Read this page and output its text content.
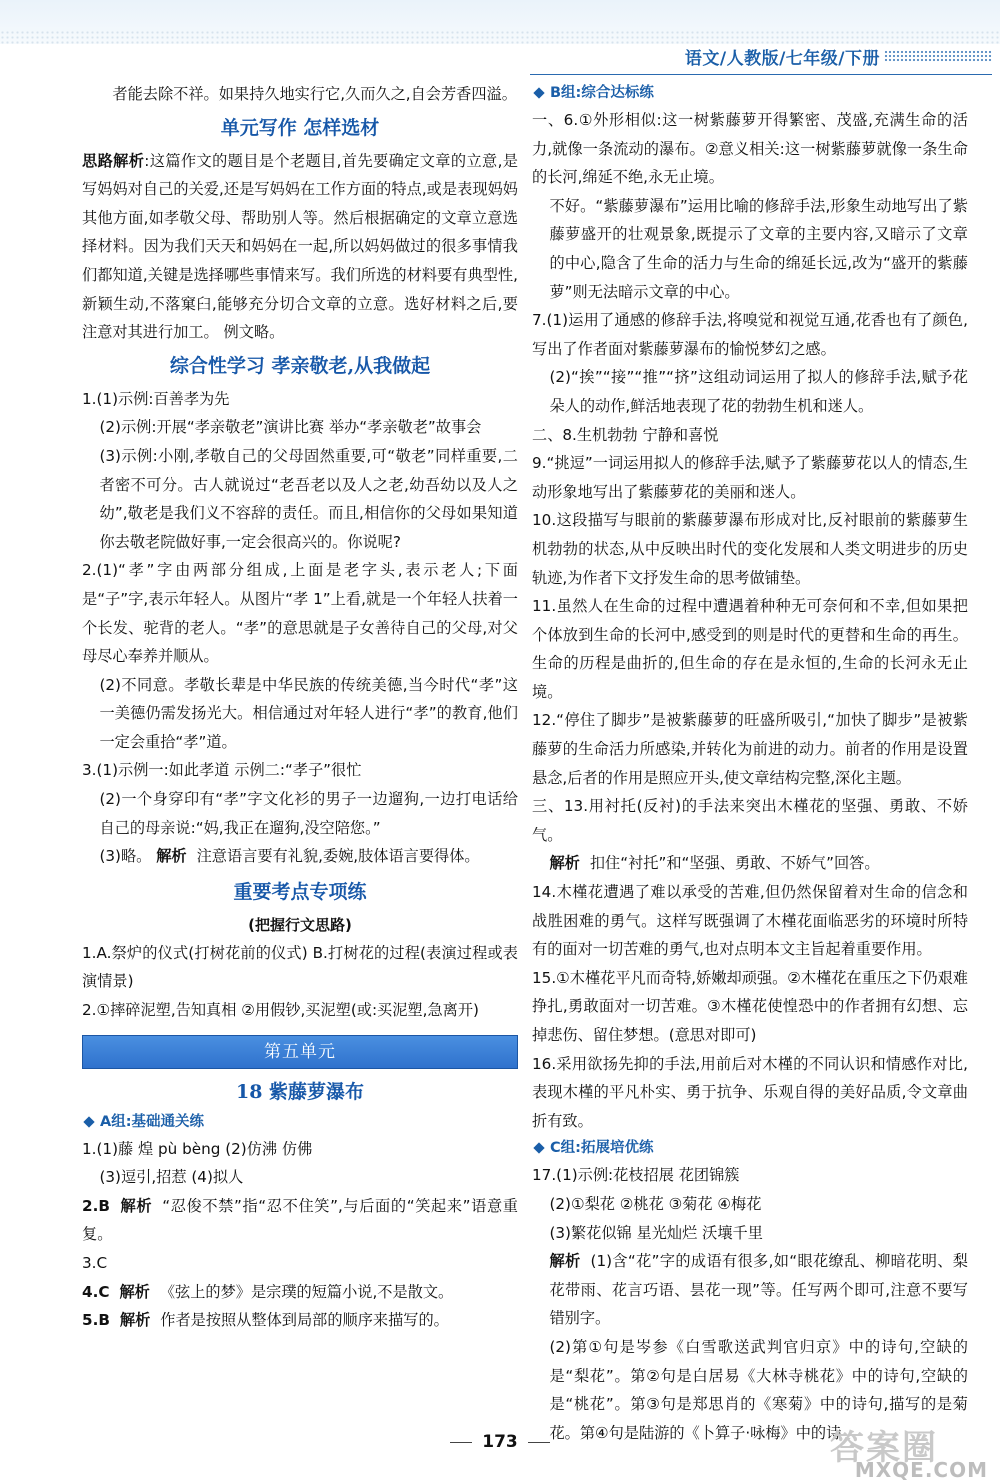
语文/人教版/七年级/下册

者能去除不祥。如果持久地实行它,久而久之,自会芳香四溢。

单元写作 怎样选材

思路解析:这篇作文的题目是个老题目,首先要确定文章的立意,是写妈妈对自己的关爱,还是写妈妈在工作方面的特点,或是表现妈妈其他方面,如孝敬父母、帮助别人等。然后根据确定的文章立意选择材料。因为我们天天和妈妈在一起,所以妈妈做过的很多事情我们都知道,关键是选择哪些事情来写。我们所选的材料要有典型性,新颖生动,不落窠臼,能够充分切合文章的立意。选好材料之后,要注意对其进行加工。 例文略。

综合性学习 孝亲敬老,从我做起

1.(1)示例:百善孝为先

(2)示例:开展“孝亲敬老”演讲比赛 举办“孝亲敬老”故事会

(3)示例:小刚,孝敬自己的父母固然重要,可“敬老”同样重要,二者密不可分。古人就说过“老吾老以及人之老,幼吾幼以及人之幼”,敬老是我们义不容辞的责任。而且,相信你的父母如果知道你去敬老院做好事,一定会很高兴的。你说呢?

2.(1)“孝”字由两部分组成,上面是老字头,表示老人;下面是“子”字,表示年轻人。从图片“孝 1”上看,就是一个年轻人扶着一个长发、驼背的老人。“孝”的意思就是子女善待自己的父母,对父母尽心奉养并顺从。

(2)不同意。孝敬长辈是中华民族的传统美德,当今时代“孝”这一美德仍需发扬光大。相信通过对年轻人进行“孝”的教育,他们一定会重拾“孝”道。

3.(1)示例一:如此孝道 示例二:“孝子”很忙

(2)一个身穿印有“孝”字文化衫的男子一边遛狗,一边打电话给自己的母亲说:“妈,我正在遛狗,没空陪您。”

(3)略。 解析 注意语言要有礼貌,委婉,肢体语言要得体。

重要考点专项练
(把握行文思路)

1.A.祭炉的仪式(打树花前的仪式) B.打树花的过程(表演过程或表演情景)

2.①摔碎泥塑,告知真相 ②用假钞,买泥塑(或:买泥塑,急离开)

第五单元
18 紫藤萝瀑布
A组:基础通关练

1.(1)藤 煌 pù bèng (2)仿沸 仿佛

(3)逗引,招惹 (4)拟人

2.B 解析 “忍俊不禁”指“忍不住笑”,与后面的“笑起来”语意重复。

3.C

4.C 解析 《弦上的梦》是宗璞的短篇小说,不是散文。

5.B 解析 作者是按照从整体到局部的顺序来描写的。

B组:综合达标练

一、6.①外形相似:这一树紫藤萝开得繁密、茂盛,充满生命的活力,就像一条流动的瀑布。②意义相关:这一树紫藤萝就像一条生命的长河,绵延不绝,永无止境。

不好。“紫藤萝瀑布”运用比喻的修辞手法,形象生动地写出了紫藤萝盛开的壮观景象,既提示了文章的主要内容,又暗示了文章的中心,隐含了生命的活力与生命的绵延长远,改为“盛开的紫藤萝”则无法暗示文章的中心。

7.(1)运用了通感的修辞手法,将嗅觉和视觉互通,花香也有了颜色,写出了作者面对紫藤萝瀑布的愉悦梦幻之感。

(2)“挨”“接”“推”“挤”这组动词运用了拟人的修辞手法,赋予花朵人的动作,鲜活地表现了花的勃勃生机和迷人。

二、8.生机勃勃 宁静和喜悦

9.“挑逗”一词运用拟人的修辞手法,赋予了紫藤萝花以人的情态,生动形象地写出了紫藤萝花的美丽和迷人。

10.这段描写与眼前的紫藤萝瀑布形成对比,反衬眼前的紫藤萝生机勃勃的状态,从中反映出时代的变化发展和人类文明进步的历史轨迹,为作者下文抒发生命的思考做铺垫。

11.虽然人在生命的过程中遭遇着种种无可奈何和不幸,但如果把个体放到生命的长河中,感受到的则是时代的更替和生命的再生。生命的历程是曲折的,但生命的存在是永恒的,生命的长河永无止境。

12.“停住了脚步”是被紫藤萝的旺盛所吸引,“加快了脚步”是被紫藤萝的生命活力所感染,并转化为前进的动力。前者的作用是设置悬念,后者的作用是照应开头,使文章结构完整,深化主题。

三、13.用衬托(反衬)的手法来突出木槿花的坚强、勇敢、不娇气。

解析 扣住“衬托”和“坚强、勇敢、不娇气”回答。

14.木槿花遭遇了难以承受的苦难,但仍然保留着对生命的信念和战胜困难的勇气。这样写既强调了木槿花面临恶劣的环境时所特有的面对一切苦难的勇气,也对点明本文主旨起着重要作用。

15.①木槿花平凡而奇特,娇嫩却顽强。②木槿花在重压之下仍艰难挣扎,勇敢面对一切苦难。③木槿花使惶恐中的作者拥有幻想、忘掉悲伤、留住梦想。(意思对即可)

16.采用欲扬先抑的手法,用前后对木槿的不同认识和情感作对比,表现木槿的平凡朴实、勇于抗争、乐观自得的美好品质,令文章曲折有致。

C组:拓展培优练

17.(1)示例:花枝招展 花团锦簇

(2)①梨花 ②桃花 ③菊花 ④梅花

(3)繁花似锦 星光灿烂 沃壤千里

解析 (1)含“花”字的成语有很多,如“眼花缭乱、柳暗花明、梨花带雨、花言巧语、昙花一现”等。任写两个即可,注意不要写错别字。

(2)第①句是岑参《白雪歌送武判官归京》中的诗句,空缺的是“梨花”。第②句是白居易《大林寺桃花》中的诗句,空缺的是“桃花”。第③句是郑思肖的《寒菊》中的诗句,描写的是菊花。第④句是陆游的《卜算子·咏梅》中的诗

173	答案圈
MXQE.COM
